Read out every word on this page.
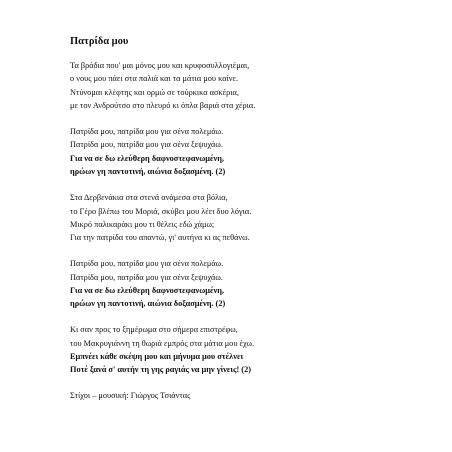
Πατρίδα μου
Τα βράδια που' μαι μόνος μου και κρυφοσυλλογιέμαι,
ο νους μου πάει στα παλιά και τα μάτια μου καίνε.
Ντύνομαι κλέφτης και ορμώ σε τούρκικα ασκέρια,
με τον Ανδρούτσο στο πλευρό κι όπλα βαριά στα χέρια.
Πατρίδα μου, πατρίδα μου για σένα πολεμάω.
Πατρίδα μου, πατρίδα μου για σένα ξεψυχάω.
Για να σε δω ελεύθερη δαφνοστεφανωμένη,
ηρώων γη παντοτινή, αιώνια δοξασμένη. (2)
Στα Δερβενάκια στα στενά ανάμεσα στα βόλια,
το Γέρο βλέπω του Μοριά, σκύβει μου λέει δυο λόγια.
Μικρό παλικαράκι μου τι θέλεις εδώ χάμω;
Για την πατρίδα του απαντώ, γι' αυτήνα κι ας πεθάνω.
Πατρίδα μου, πατρίδα μου για σένα πολεμάω.
Πατρίδα μου, πατρίδα μου για σένα ξεψυχάω.
Για να σε δω ελεύθερη δαφνοστεφανωμένη,
ηρώων γη παντοτινή, αιώνια δοξασμένη. (2)
Κι σαν προς το ξημέρωμα στο σήμερα επιστρέφω,
του Μακρυγιάννη τη θωριά εμπρός στα μάτια μου έχω.
Εμπνέει κάθε σκέψη μου και μήνυμα μου στέλνει
Ποτέ ξανά σ' αυτήν τη γης ραγιάς να μην γίνεις! (2)
Στίχοι – μουσική: Γιώργος Τσιάντας
